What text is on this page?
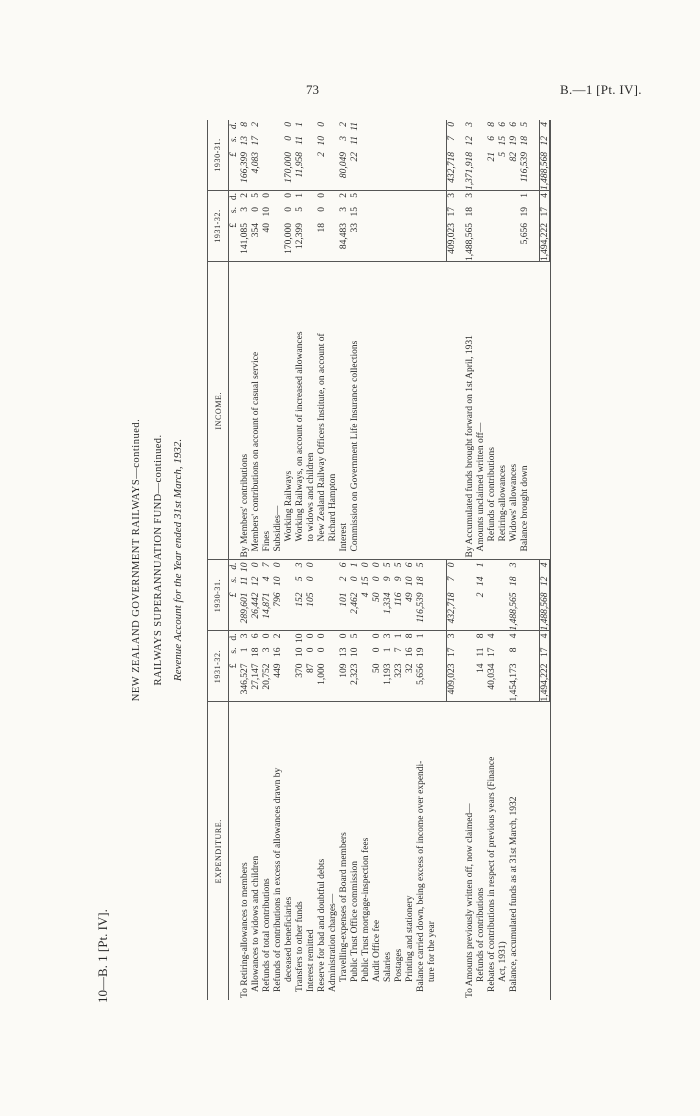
73	B.—1 [Pt. IV].
10—B. 1 [Pt. IV].
NEW ZEALAND GOVERNMENT RAILWAYS—continued. RAILWAYS SUPERANNUATION FUND—continued. Revenue Account for the Year ended 31st March, 1932.
EXPENDITURE.
1931-32.
1930-31.
£
s.
d.
£
s.
d.
To Retiring-allowances to members
346,527
1
3
289,601
11
10
Allowances to widows and children
27,147
18
6
26,442
12
0
Refunds of total contributions
20,752
3
0
14,871
4
7
Refunds of contributions in excess of allowances drawn by
449
16
2
796
10
0
deceased beneficiaries Transfers to other funds
370
10
10
152
5
3
Interest remitted
87
0
0
105
0
0
Reserve for bad and doubtful debts
1,000
0
0
Administration charges— Travelling-expenses of Board members
109
13
0
101
2
6
Public Trust Office commission
2,323
10
5
2,462
0
1
Public Trust mortgage-inspection fees
4
15
0
Audit Office fee
50
0
0
50
0
0
Salaries
1,193
1
3
1,334
9
5
Postages
323
7
1
116
9
5
Printing and stationery
32
16
8
49
10
6
Balance carried down, being excess of income over expendi-
5,656
19
1
116,539
18
5
ture for the year
409,023
17
3
432,718
7
0
To Amounts previously written off, now claimed— Refunds of contributions
14
11
8
2
14
1
Rebates of contributions in respect of previous years (Finance
40,034
17
4
Act, 1931) Balance, accumulated funds as at 31st March, 1932
1,454,173
8
4
1,488,565
18
3
1,494,222
17
4
1,488,568
12
4
INCOME.
1931-32.
1930-31.
£
s.
d.
£
s.
d.
By Members' contributions
141,085
3
2
166,399
13
8
Members' contributions on account of casual service
354
0
5
4,083
17
2
Fines
40
10
0
Subsidies— Working Railways
170,000
0
0
170,000
0
0
Working Railways, on account of increased allowances
12,399
5
1
11,958
11
1
to widows and children New Zealand Railway Officers Institute, on account of
18
0
0
2
10
0
Richard Hampton Interest
84,483
3
2
80,049
3
2
Commission on Government Life Insurance collections
33
15
5
22
11
11
409,023
17
3
432,718
7
0
By Accumulated funds brought forward on 1st April, 1931
1,488,565
18
3
1,371,918
12
3
Amounts unclaimed written off— Refunds of contributions
21
6
8
Retiring-allowances
5
15
6
Widows' allowances
82
19
6
Balance brought down
5,656
19
1
116,539
18
5
1,494,222
17
4
1,488,568
12
4
